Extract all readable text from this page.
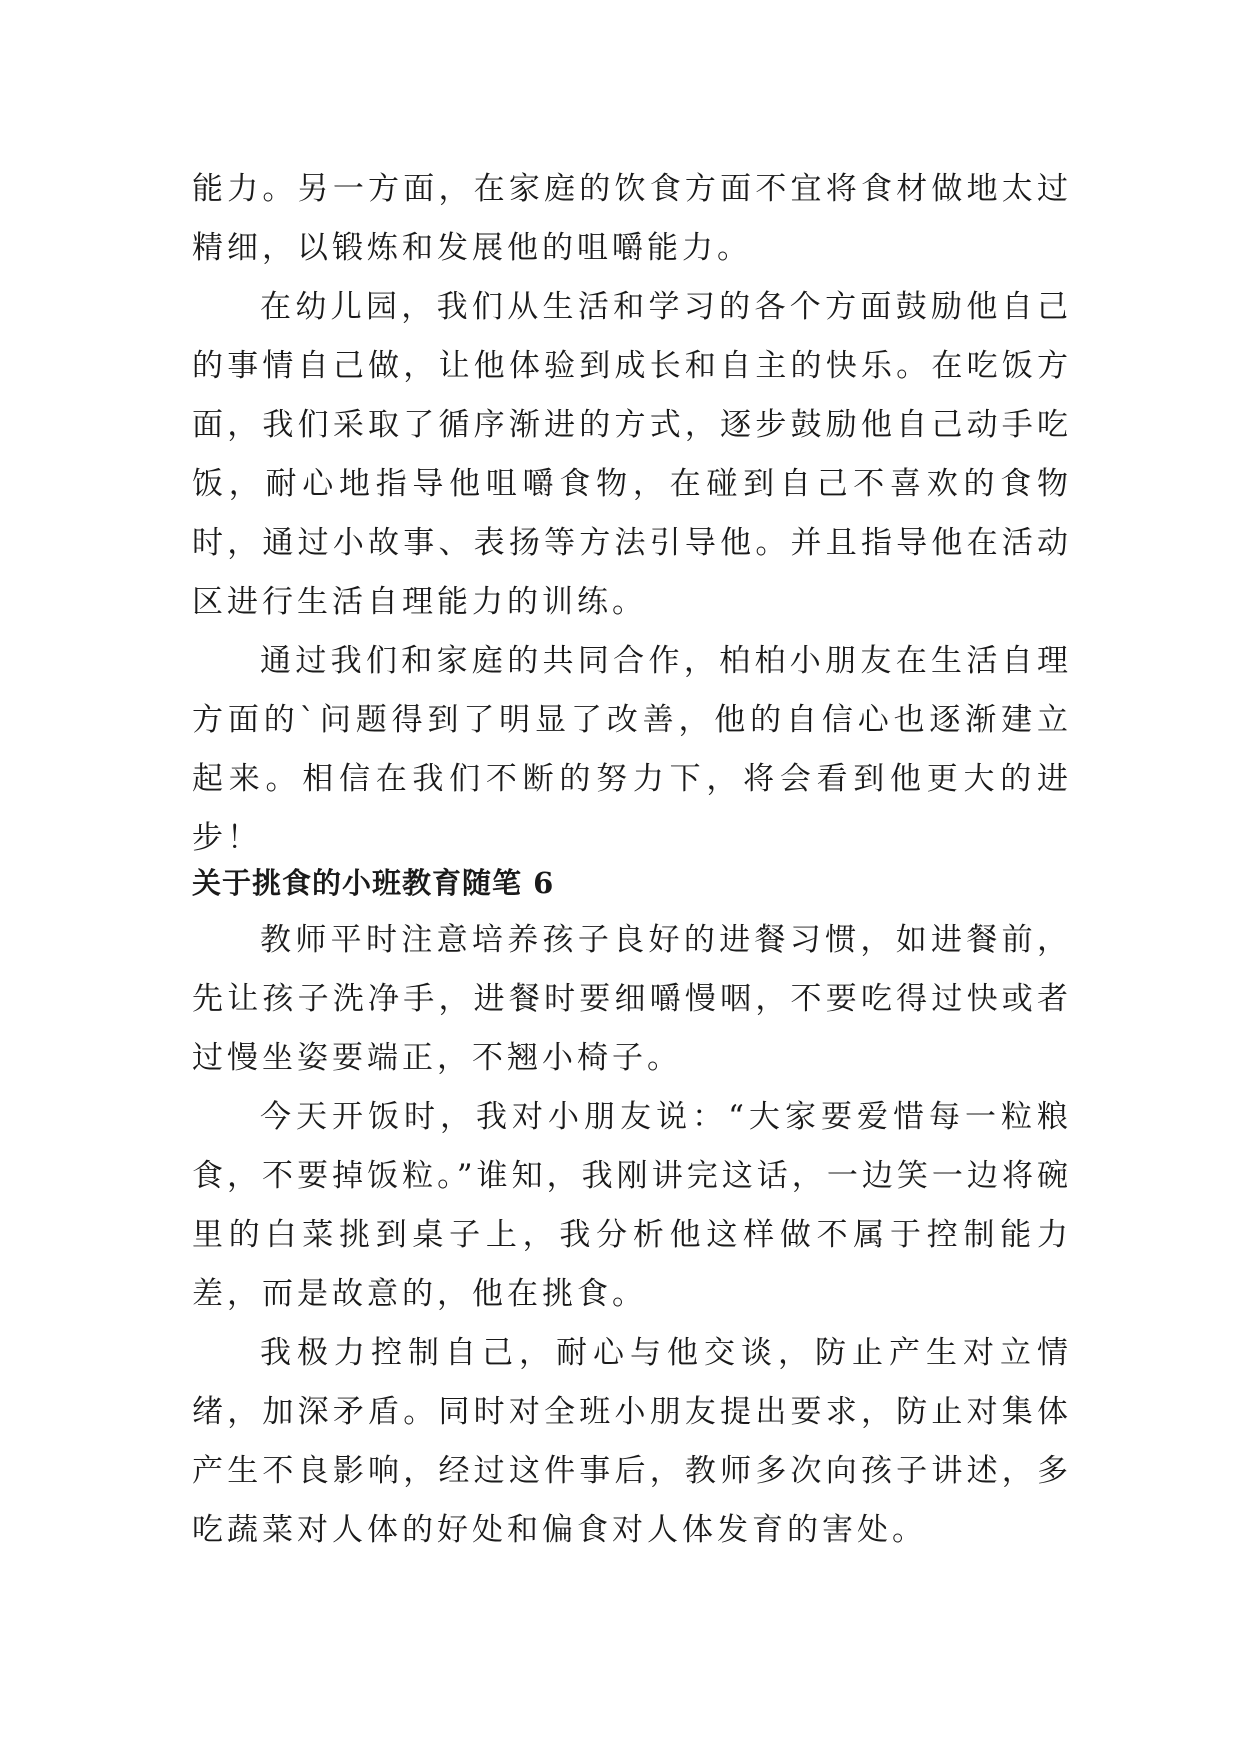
能力。另一方面，在家庭的饮食方面不宜将食材做地太过精细，以锻炼和发展他的咀嚼能力。

在幼儿园，我们从生活和学习的各个方面鼓励他自己的事情自己做，让他体验到成长和自主的快乐。在吃饭方面，我们采取了循序渐进的方式，逐步鼓励他自己动手吃饭，耐心地指导他咀嚼食物，在碰到自己不喜欢的食物时，通过小故事、表扬等方法引导他。并且指导他在活动区进行生活自理能力的训练。

通过我们和家庭的共同合作，柏柏小朋友在生活自理方面的`问题得到了明显了改善，他的自信心也逐渐建立起来。相信在我们不断的努力下，将会看到他更大的进步！

关于挑食的小班教育随笔 6

教师平时注意培养孩子良好的进餐习惯，如进餐前，先让孩子洗净手，进餐时要细嚼慢咽，不要吃得过快或者过慢坐姿要端正，不翘小椅子。

今天开饭时，我对小朋友说：“大家要爱惜每一粒粮食，不要掉饭粒。”谁知，我刚讲完这话，一边笑一边将碗里的白菜挑到桌子上，我分析他这样做不属于控制能力差，而是故意的，他在挑食。

我极力控制自己，耐心与他交谈，防止产生对立情绪，加深矛盾。同时对全班小朋友提出要求，防止对集体产生不良影响，经过这件事后，教师多次向孩子讲述，多吃蔬菜对人体的好处和偏食对人体发育的害处。
